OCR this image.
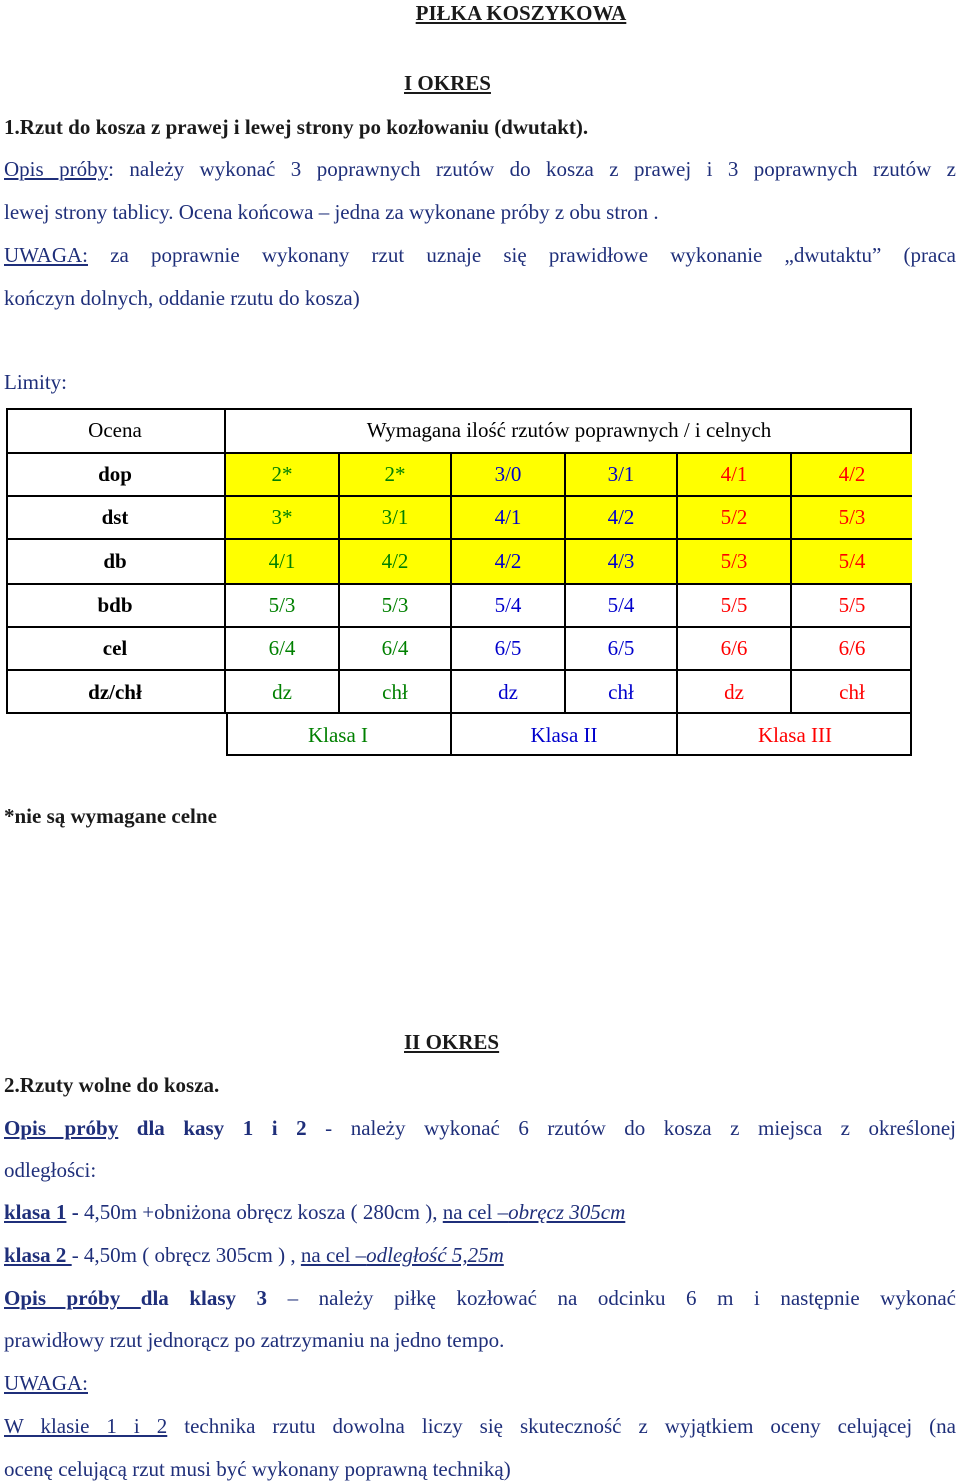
PIŁKA KOSZYKOWA
I OKRES
1.Rzut do kosza z prawej i lewej strony po kozłowaniu (dwutakt).
Opis próby: należy wykonać 3 poprawnych rzutów do kosza z prawej i 3 poprawnych rzutów z
lewej strony tablicy. Ocena końcowa – jedna za wykonane próby z obu stron .
UWAGA: za poprawnie wykonany rzut uznaje się prawidłowe wykonanie „dwutaktu” (praca
kończyn dolnych, oddanie rzutu do kosza)
Limity:
Ocena	Wymagana ilość rzutów poprawnych / i celnych
dop	2*	2*	3/0	3/1	4/1	4/2
dst	3*	3/1	4/1	4/2	5/2	5/3
db	4/1	4/2	4/2	4/3	5/3	5/4
bdb	5/3	5/3	5/4	5/4	5/5	5/5
cel	6/4	6/4	6/5	6/5	6/6	6/6
dz/chł	dz	chł	dz	chł	dz	chł
Klasa I	Klasa II	Klasa III
*nie są wymagane celne
II OKRES
2.Rzuty wolne do kosza.
Opis próby dla kasy 1 i 2 - należy wykonać 6 rzutów do kosza z miejsca z określonej
odległości:
klasa 1 - 4,50m +obniżona obręcz kosza ( 280cm ), na cel –obręcz 305cm
klasa 2 - 4,50m ( obręcz 305cm ) , na cel –odległość 5,25m
Opis próby dla klasy 3 – należy piłkę kozłować na odcinku 6 m i następnie wykonać
prawidłowy rzut jednorącz po zatrzymaniu na jedno tempo.
UWAGA:
W klasie 1 i 2 technika rzutu dowolna liczy się skuteczność z wyjątkiem oceny celującej (na
ocenę celującą rzut musi być wykonany poprawną techniką)
